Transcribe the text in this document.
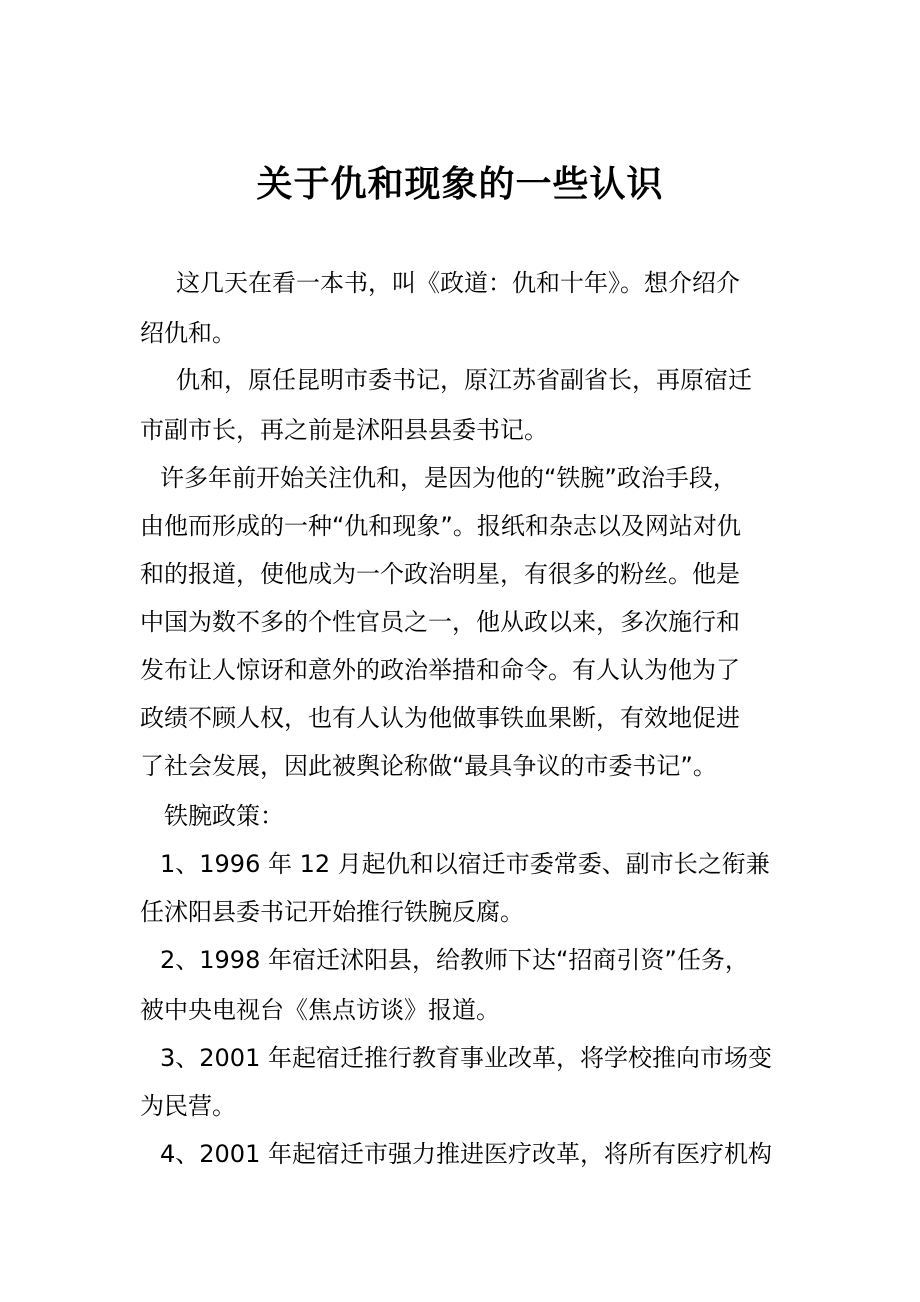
关于仇和现象的一些认识
这几天在看一本书，叫《政道：仇和十年》。想介绍介
绍仇和。
仇和，原任昆明市委书记，原江苏省副省长，再原宿迁
市副市长，再之前是沭阳县县委书记。
许多年前开始关注仇和，是因为他的“铁腕”政治手段，
由他而形成的一种“仇和现象”。报纸和杂志以及网站对仇
和的报道，使他成为一个政治明星，有很多的粉丝。他是
中国为数不多的个性官员之一，他从政以来，多次施行和
发布让人惊讶和意外的政治举措和命令。有人认为他为了
政绩不顾人权，也有人认为他做事铁血果断，有效地促进
了社会发展，因此被舆论称做“最具争议的市委书记”。
铁腕政策：
1、1996 年 12 月起仇和以宿迁市委常委、副市长之衔兼
任沭阳县委书记开始推行铁腕反腐。
2、1998 年宿迁沭阳县，给教师下达“招商引资”任务，
被中央电视台《焦点访谈》报道。
3、2001 年起宿迁推行教育事业改革，将学校推向市场变
为民营。
4、2001 年起宿迁市强力推进医疗改革，将所有医疗机构
